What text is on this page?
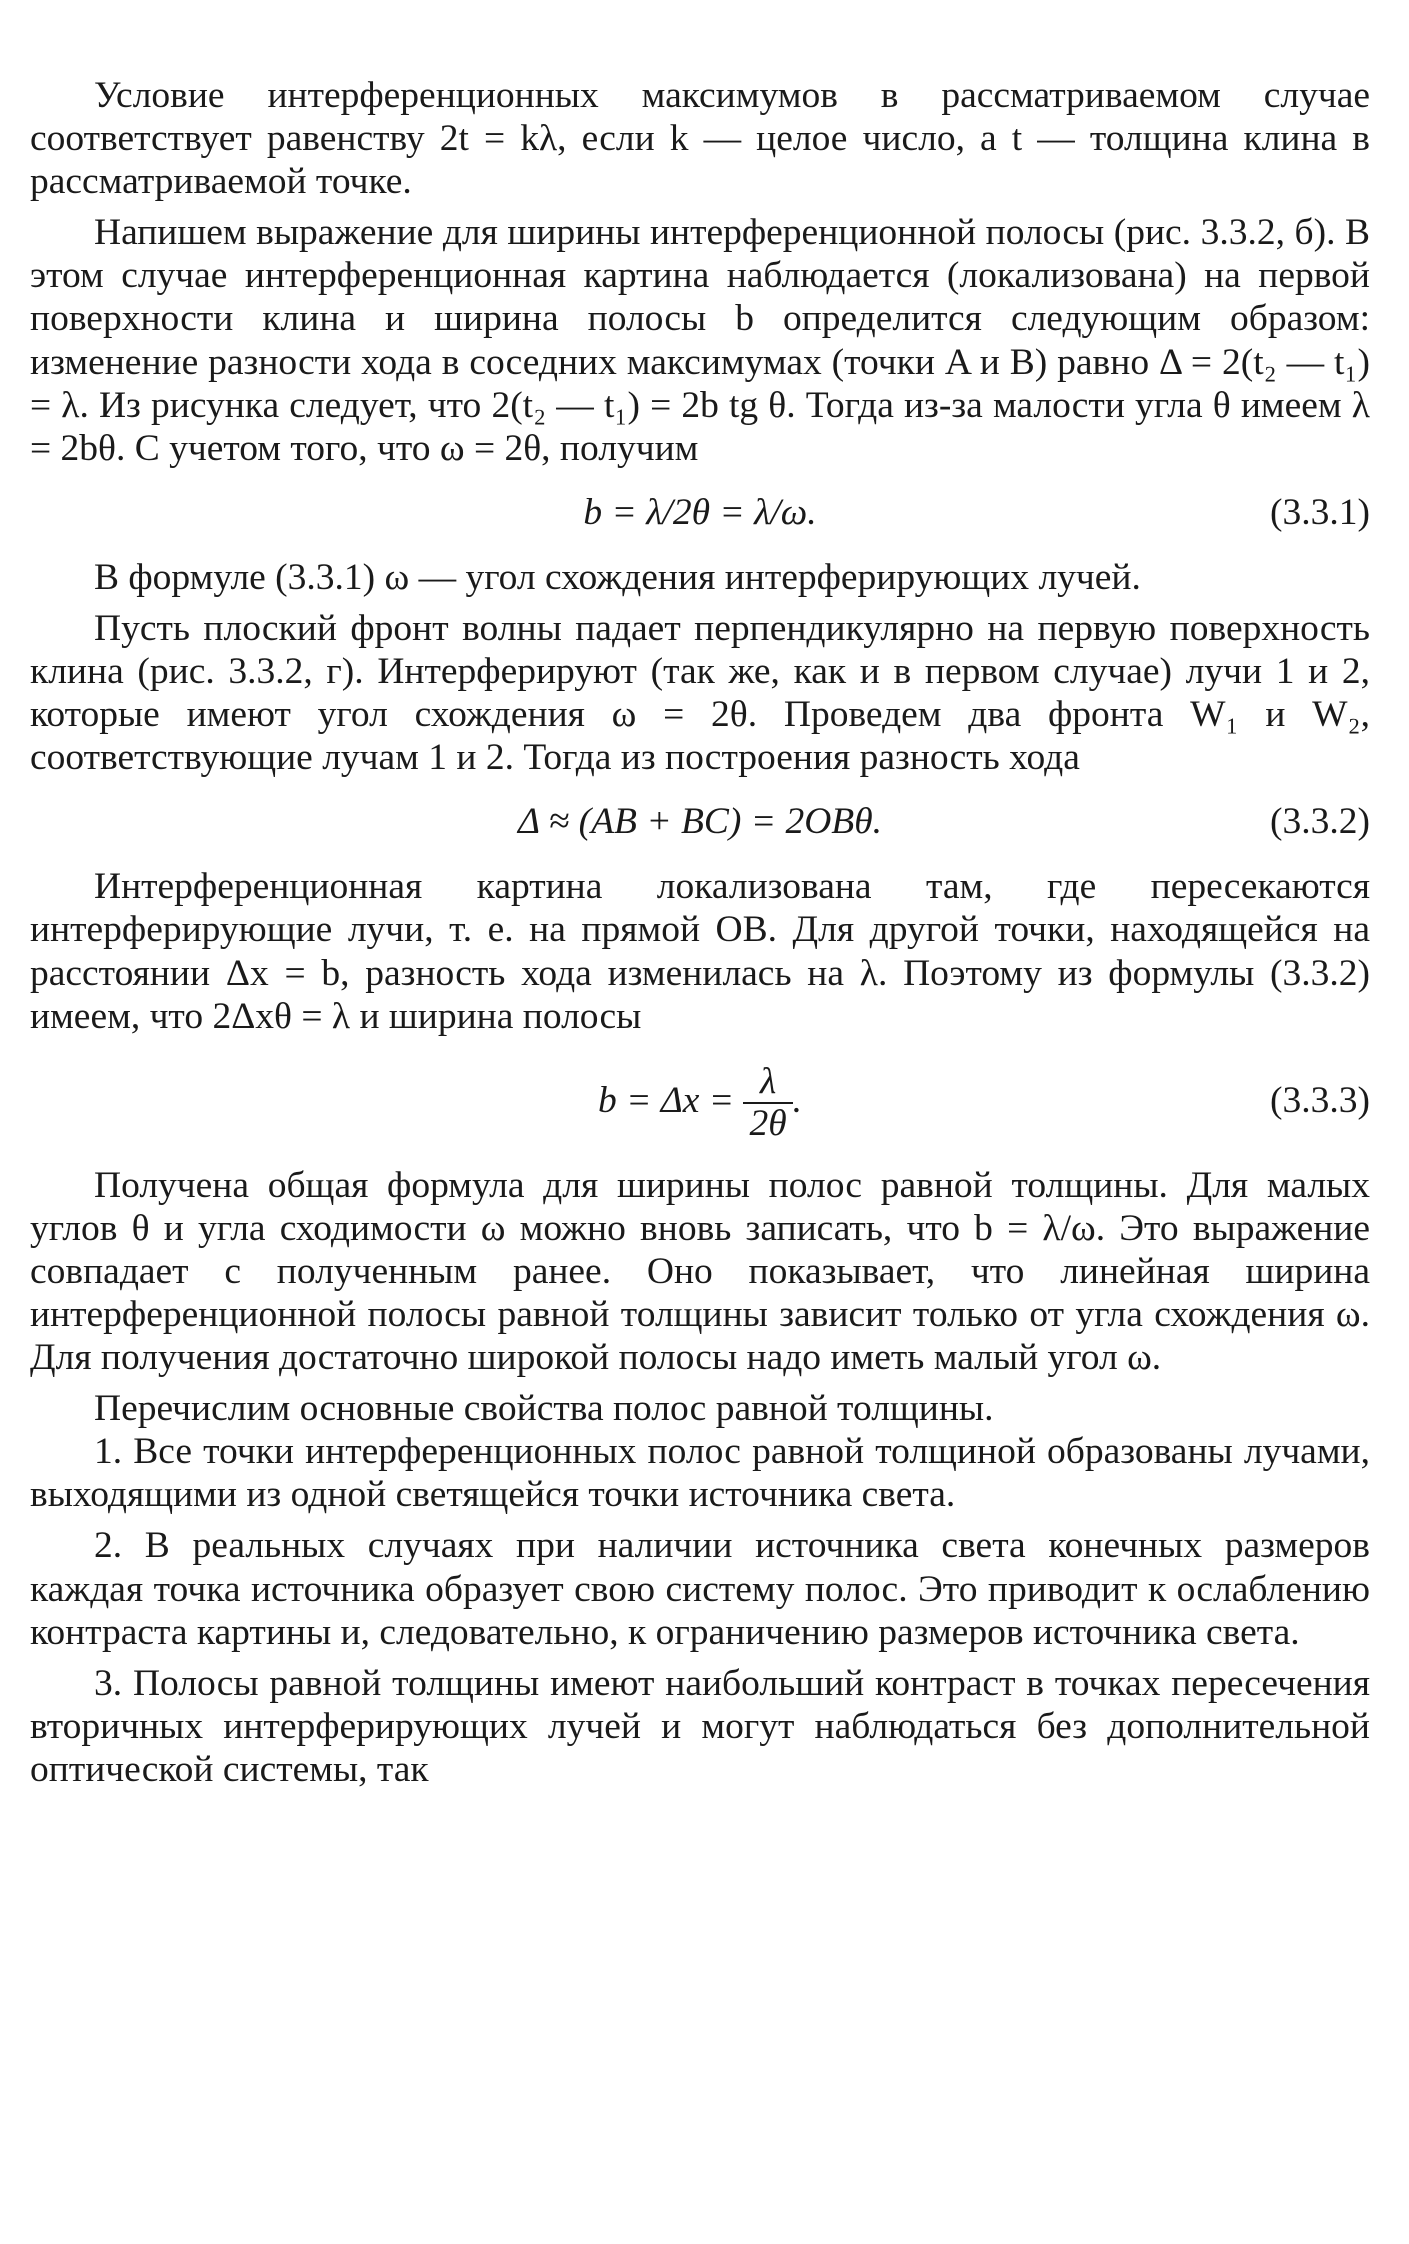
Условие интерференционных максимумов в рассматриваемом случае соответствует равенству 2t = kλ, если k — целое число, а t — толщина клина в рассматриваемой точке.

Напишем выражение для ширины интерференционной полосы (рис. 3.3.2, б). В этом случае интерференционная картина наблюдается (локализована) на первой поверхности клина и ширина полосы b определится следующим образом: изменение разности хода в соседних максимумах (точки A и B) равно Δ = 2(t₂ — t₁) = λ. Из рисунка следует, что 2(t₂ — t₁) = 2b tg θ. Тогда из-за малости угла θ имеем λ = 2bθ. С учетом того, что ω = 2θ, получим

b = λ/2θ = λ/ω.	(3.3.1)

В формуле (3.3.1) ω — угол схождения интерферирующих лучей.

Пусть плоский фронт волны падает перпендикулярно на первую поверхность клина (рис. 3.3.2, г). Интерферируют (так же, как и в первом случае) лучи 1 и 2, которые имеют угол схождения ω = 2θ. Проведем два фронта W₁ и W₂, соответствующие лучам 1 и 2. Тогда из построения разность хода

Δ ≈ (AB + BC) = 2OBθ.	(3.3.2)

Интерференционная картина локализована там, где пересекаются интерферирующие лучи, т. е. на прямой OB. Для другой точки, находящейся на расстоянии Δx = b, разность хода изменилась на λ. Поэтому из формулы (3.3.2) имеем, что 2Δxθ = λ и ширина полосы

$b = \Delta x = \frac{\lambda}{2\theta}$ .	(3.3.3)

Получена общая формула для ширины полос равной толщины. Для малых углов θ и угла сходимости ω можно вновь записать, что b = λ/ω. Это выражение совпадает с полученным ранее. Оно показывает, что линейная ширина интерференционной полосы равной толщины зависит только от угла схождения ω. Для получения достаточно широкой полосы надо иметь малый угол ω.

Перечислим основные свойства полос равной толщины.

1. Все точки интерференционных полос равной толщиной образованы лучами, выходящими из одной светящейся точки источника света.

2. В реальных случаях при наличии источника света конечных размеров каждая точка источника образует свою систему полос. Это приводит к ослаблению контраста картины и, следовательно, к ограничению размеров источника света.

3. Полосы равной толщины имеют наибольший контраст в точках пересечения вторичных интерферирующих лучей и могут наблюдаться без дополнительной оптической системы, так
